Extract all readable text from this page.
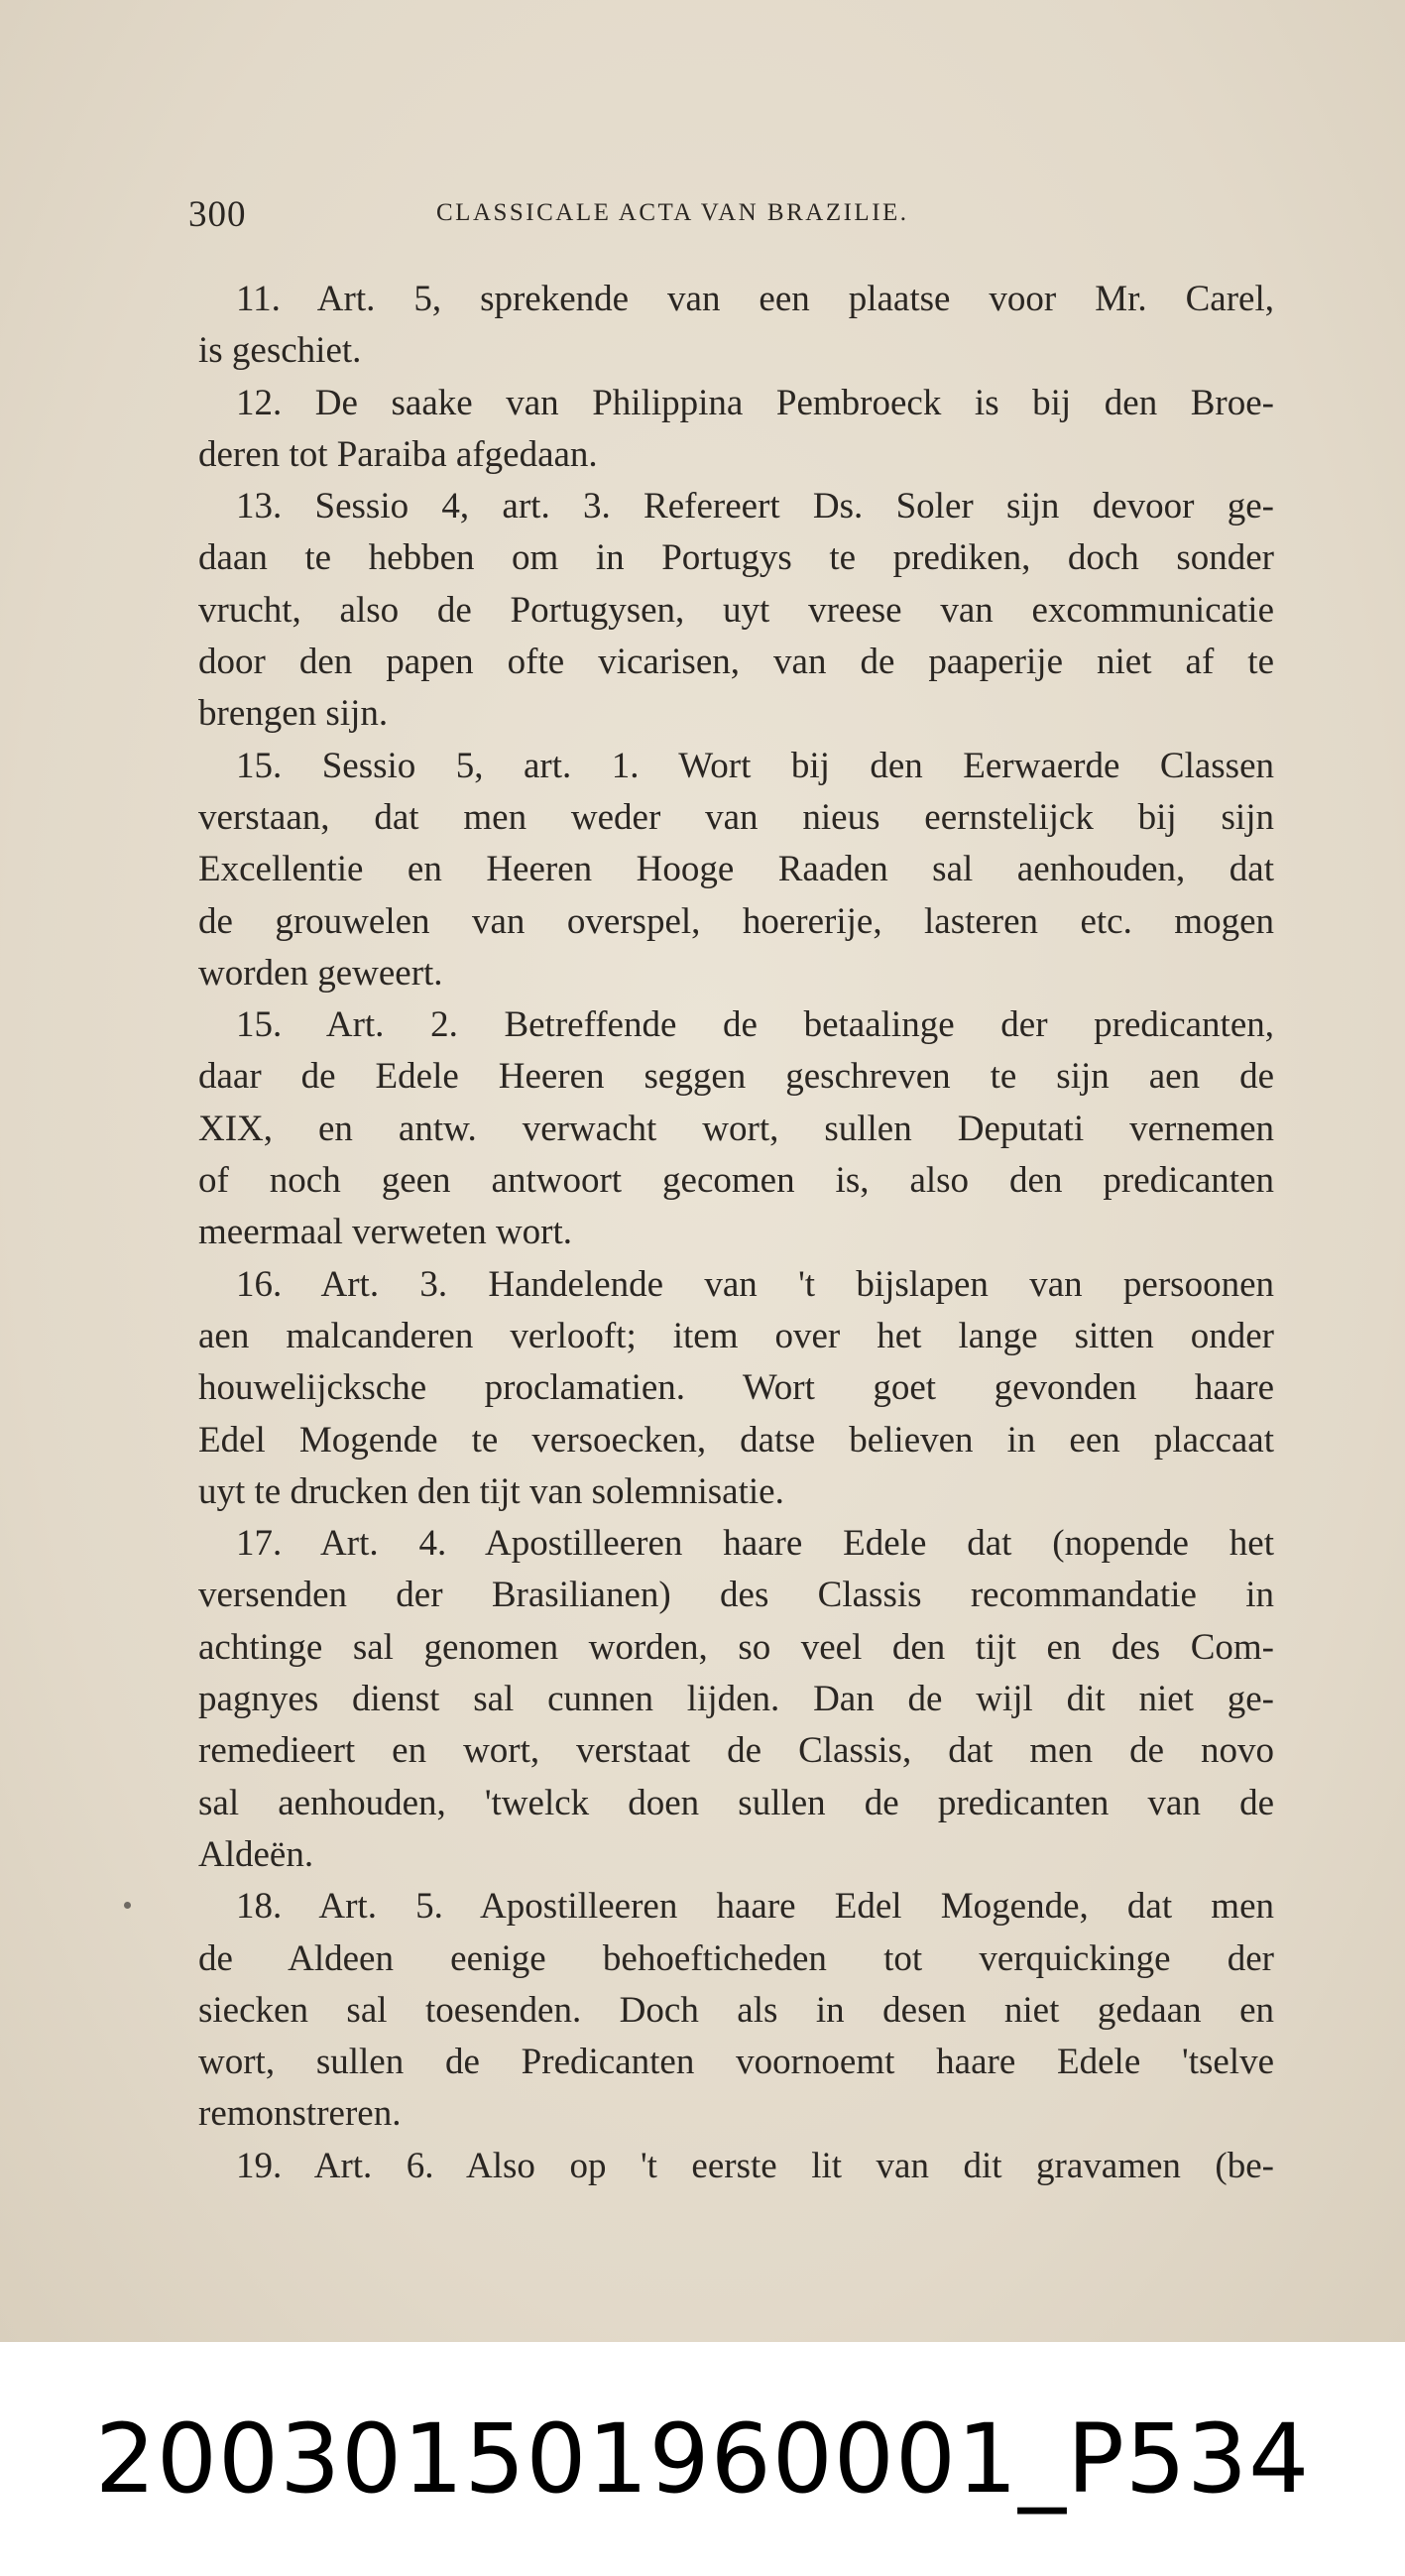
300	CLASSICALE ACTA VAN BRAZILIE.
11. Art. 5, sprekende van een plaatse voor Mr. Carel,
is geschiet.
12. De saake van Philippina Pembroeck is bij den Broe-
deren tot Paraiba afgedaan.
13. Sessio 4, art. 3. Refereert Ds. Soler sijn devoor ge-
daan te hebben om in Portugys te prediken, doch sonder
vrucht, also de Portugysen, uyt vreese van excommunicatie
door den papen ofte vicarisen, van de paaperije niet af te
brengen sijn.
15. Sessio 5, art. 1. Wort bij den Eerwaerde Classen
verstaan, dat men weder van nieus eernstelijck bij sijn
Excellentie en Heeren Hooge Raaden sal aenhouden, dat
de grouwelen van overspel, hoererije, lasteren etc. mogen
worden geweert.
15. Art. 2. Betreffende de betaalinge der predicanten,
daar de Edele Heeren seggen geschreven te sijn aen de
XIX, en antw. verwacht wort, sullen Deputati vernemen
of noch geen antwoort gecomen is, also den predicanten
meermaal verweten wort.
16. Art. 3. Handelende van 't bijslapen van persoonen
aen malcanderen verlooft; item over het lange sitten onder
houwelijcksche proclamatien. Wort goet gevonden haare
Edel Mogende te versoecken, datse believen in een placcaat
uyt te drucken den tijt van solemnisatie.
17. Art. 4. Apostilleeren haare Edele dat (nopende het
versenden der Brasilianen) des Classis recommandatie in
achtinge sal genomen worden, so veel den tijt en des Com-
pagnyes dienst sal cunnen lijden. Dan de wijl dit niet ge-
remedieert en wort, verstaat de Classis, dat men de novo
sal aenhouden, 'twelck doen sullen de predicanten van de
Aldeën.
18. Art. 5. Apostilleeren haare Edel Mogende, dat men
de Aldeen eenige behoeftichеden tot verquickinge der
siecken sal toesenden. Doch als in desen niet gedaan en
wort, sullen de Predicanten voornoemt haare Edele 'tselve
remonstreren.
19. Art. 6. Also op 't eerste lit van dit gravamen (be-
20030150196000​1_P534
